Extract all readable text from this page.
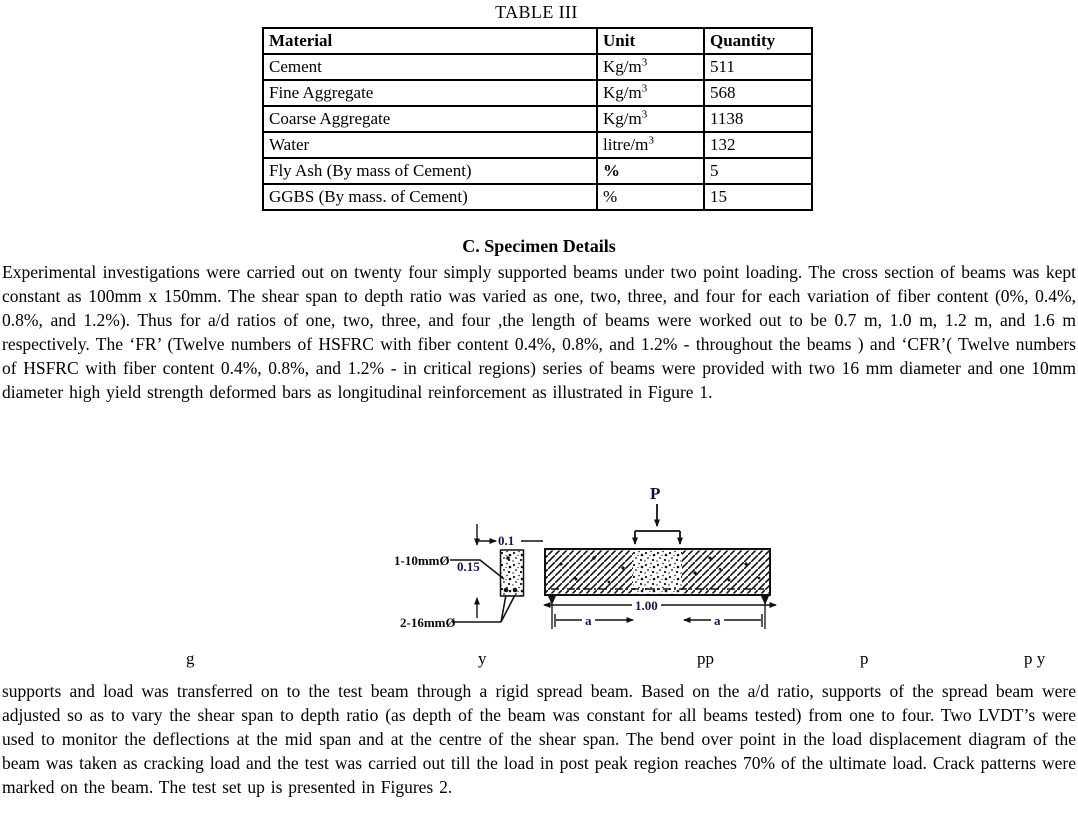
TABLE III
Material	Unit	Quantity
Cement	$Kg/m^3$	511
Fine Aggregate	$Kg/m^3$	568
Coarse Aggregate	$Kg/m^3$	1138
Water	litre/$m^3$	132
Fly Ash (By mass of Cement)	%	5
GGBS (By mass. of Cement)	%	15
C. Specimen Details
Experimental investigations were carried out on twenty four simply supported beams under two point loading. The cross section of beams was kept constant as 100mm x 150mm. The shear span to depth ratio was varied as one, two, three, and four for each variation of fiber content (0%, 0.4%, 0.8%, and 1.2%). Thus for a/d ratios of one, two, three, and four ,the length of beams were worked out to be 0.7 m, 1.0 m, 1.2 m, and 1.6 m respectively. The ‘FR’ (Twelve numbers of HSFRC with fiber content 0.4%, 0.8%, and 1.2% - throughout the beams ) and ‘CFR’( Twelve numbers of HSFRC with fiber content 0.4%, 0.8%, and 1.2% - in critical regions) series of beams were provided with two 16 mm diameter and one 10mm diameter high yield strength deformed bars as longitudinal reinforcement as illustrated in Figure 1.
P
0.1
0.15
1-10mmØ
2-16mmØ
1.00
a	a
g	y	pp	p	p y
supports and load was transferred on to the test beam through a rigid spread beam. Based on the a/d ratio, supports of the spread beam were adjusted so as to vary the shear span to depth ratio (as depth of the beam was constant for all beams tested) from one to four. Two LVDT’s were used to monitor the deflections at the mid span and at the centre of the shear span. The bend over point in the load displacement diagram of the beam was taken as cracking load and the test was carried out till the load in post peak region reaches 70% of the ultimate load. Crack patterns were marked on the beam. The test set up is presented in Figures 2.
